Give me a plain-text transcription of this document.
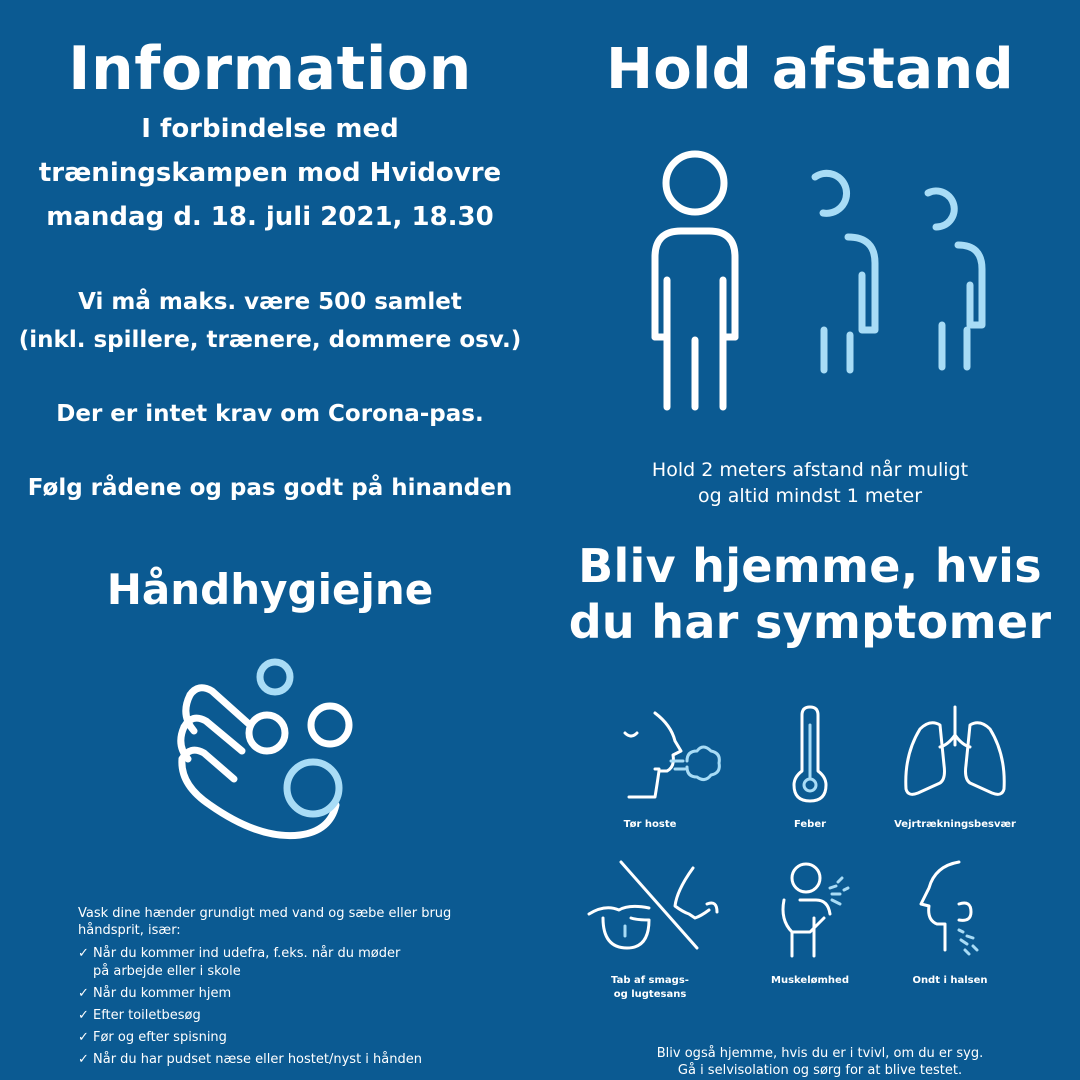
Information
I forbindelse med
træningskampen mod Hvidovre
mandag d. 18. juli 2021, 18.30
Vi må maks. være 500 samlet
(inkl. spillere, trænere, dommere osv.)
Der er intet krav om Corona-pas.
Følg rådene og pas godt på hinanden
Hold afstand
Hold 2 meters afstand når muligt
og altid mindst 1 meter
Håndhygiejne
Vask dine hænder grundigt med vand og sæbe eller brug
håndsprit, især:
✓ Når du kommer ind udefra, f.eks. når du møder
på arbejde eller i skole
✓ Når du kommer hjem
✓ Efter toiletbesøg
✓ Før og efter spisning
✓ Når du har pudset næse eller hostet/nyst i hånden
Bliv hjemme, hvis
du har symptomer
Tør hoste	Feber	Vejrtrækningsbesvær
Tab af smags-
og lugtesans
Muskelømhed	Ondt i halsen
Bliv også hjemme, hvis du er i tvivl, om du er syg.
Gå i selvisolation og sørg for at blive testet.
